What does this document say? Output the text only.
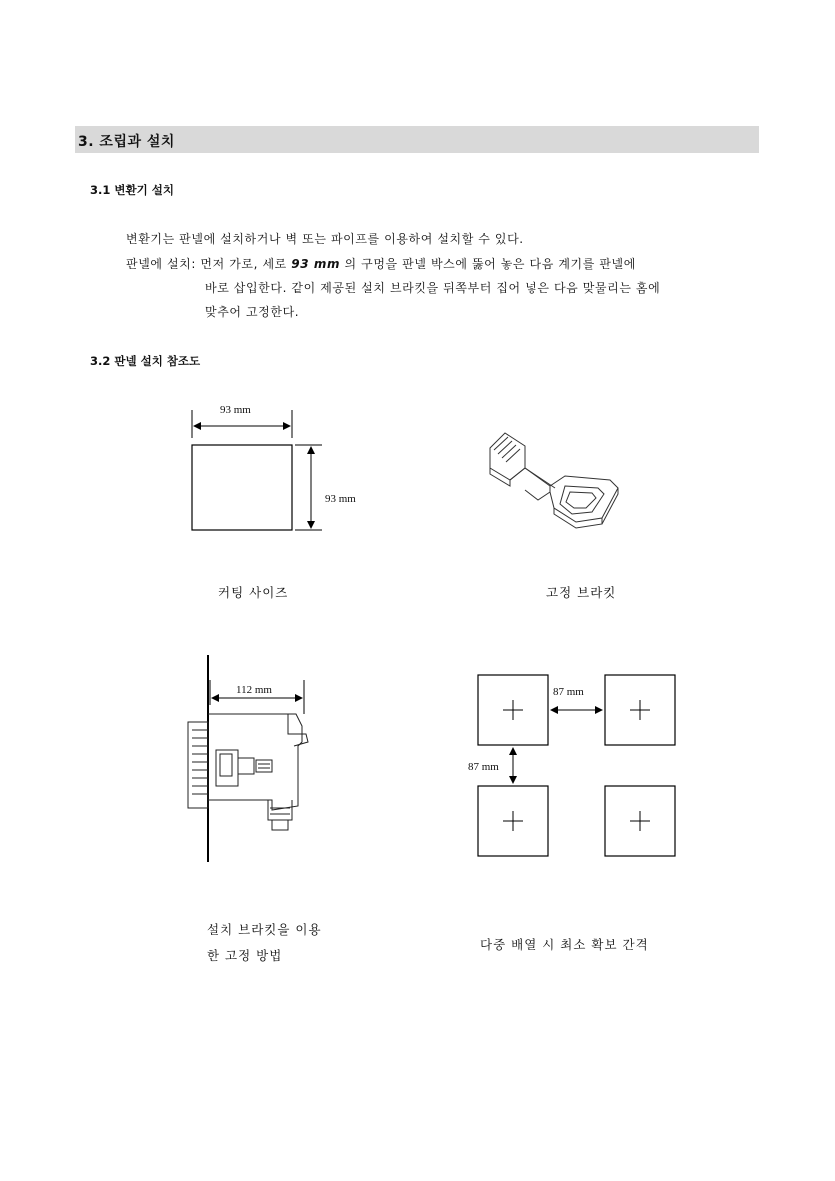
3. 조립과 설치
3.1 변환기 설치
변환기는 판넬에 설치하거나 벽 또는 파이프를 이용하여 설치할 수 있다.
판넬에 설치: 먼저 가로, 세로 93 mm 의 구멍을 판넬 박스에 뚫어 놓은 다음 계기를 판넬에
바로 삽입한다. 같이 제공된 설치 브라킷을 뒤쪽부터 집어 넣은 다음 맞물리는 홈에
맞추어 고정한다.
3.2 판넬 설치 참조도
93 mm
93 mm
커팅 사이즈	고정 브라킷
112 mm
설치 브라킷을 이용
한 고정 방법
87 mm
87 mm
다중 배열 시 최소 확보 간격
